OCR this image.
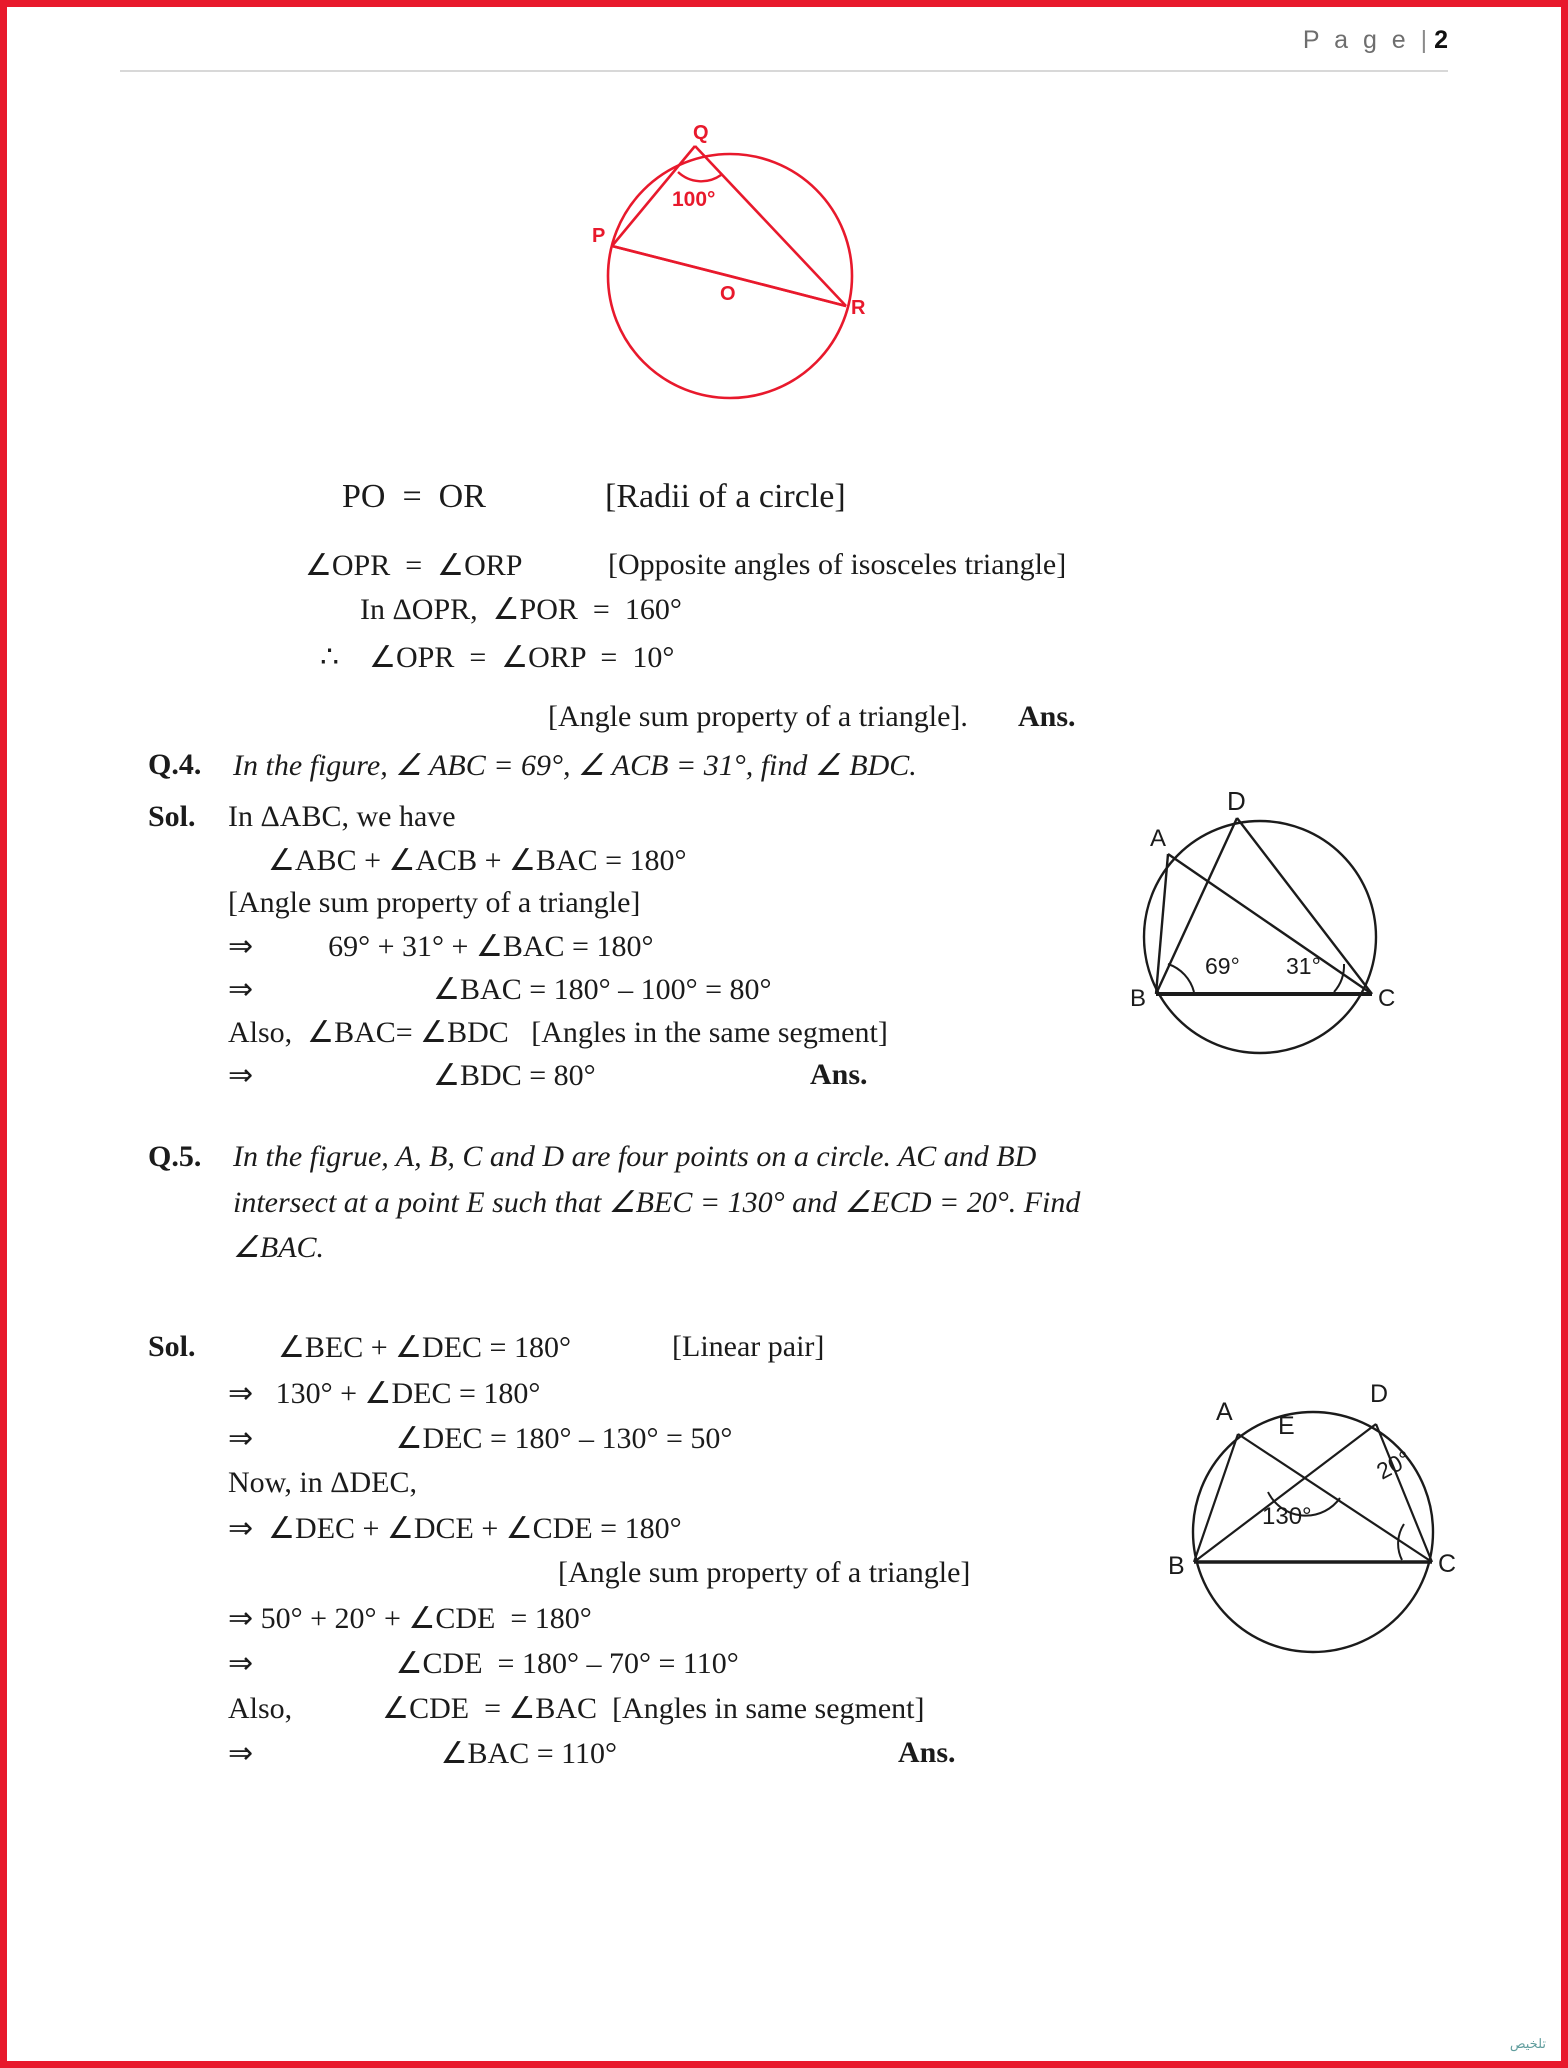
P a g e | 2
Q
P
O
R
100°
PO  =  OR	[Radii of a circle]
∠OPR  =  ∠ORP	[Opposite angles of isosceles triangle]
In ΔOPR,  ∠POR  =  160°
∴    ∠OPR  =  ∠ORP  =  10°
[Angle sum property of a triangle]. Ans.
Q.4. In the figure, ∠ ABC = 69°, ∠ ACB = 31°, find ∠ BDC.
Sol. In ΔABC, we have
∠ABC + ∠ACB + ∠BAC = 180°
[Angle sum property of a triangle]
⇒          69° + 31° + ∠BAC = 180°
⇒                        ∠BAC = 180° – 100° = 80°
Also,  ∠BAC= ∠BDC   [Angles in the same segment]
⇒                        ∠BDC = 80°	Ans.
D
A
B	C
69° 31°
Q.5. In the figrue, A, B, C and D are four points on a circle. AC and BD
intersect at a point E such that ∠BEC = 130° and ∠ECD = 20°. Find
∠BAC.
Sol.	∠BEC + ∠DEC = 180°	[Linear pair]
⇒   130° + ∠DEC = 180°
⇒                   ∠DEC = 180° – 130° = 50°
Now, in ΔDEC,
⇒  ∠DEC + ∠DCE + ∠CDE = 180°
[Angle sum property of a triangle]
⇒ 50° + 20° + ∠CDE  = 180°
⇒                   ∠CDE  = 180° – 70° = 110°
Also,            ∠CDE  = ∠BAC  [Angles in same segment]
⇒                         ∠BAC = 110°	Ans.
A
D
E
B	C
130°
20°
تلخيص
